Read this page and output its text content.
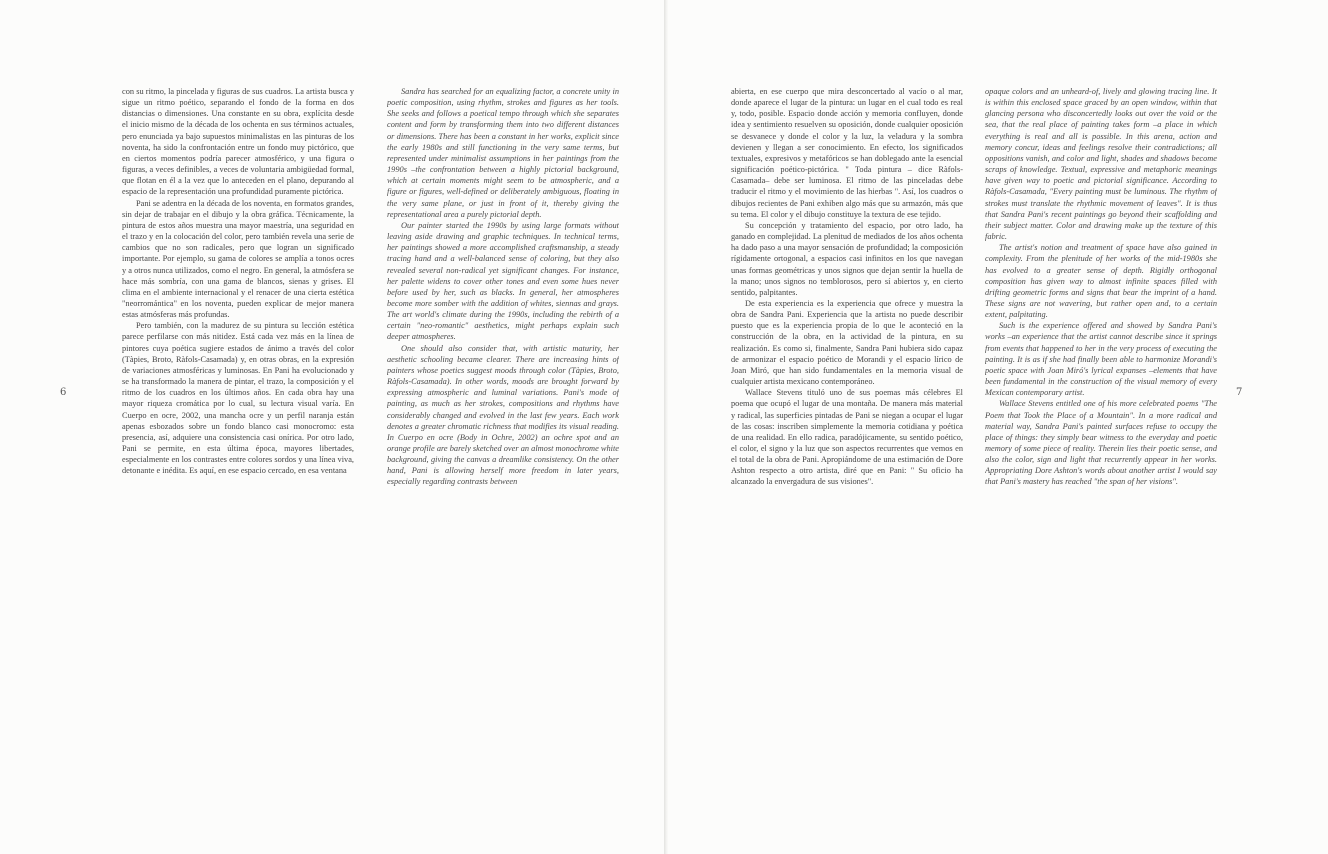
6	7

con su ritmo, la pincelada y figuras de sus cuadros. La artista busca y sigue un ritmo poético, separando el fondo de la forma en dos distancias o dimensiones. Una constante en su obra, explícita desde el inicio mismo de la década de los ochenta en sus términos actuales, pero enunciada ya bajo supuestos minimalistas en las pinturas de los noventa, ha sido la confrontación entre un fondo muy pictórico, que en ciertos momentos podría parecer atmosférico, y una figura o figuras, a veces definibles, a veces de voluntaria ambigüedad formal, que flotan en él a la vez que lo anteceden en el plano, depurando al espacio de la representación una profundidad puramente pictórica.

Pani se adentra en la década de los noventa, en formatos grandes, sin dejar de trabajar en el dibujo y la obra gráfica. Técnicamente, la pintura de estos años muestra una mayor maestría, una seguridad en el trazo y en la colocación del color, pero también revela una serie de cambios que no son radicales, pero que logran un significado importante. Por ejemplo, su gama de colores se amplía a tonos ocres y a otros nunca utilizados, como el negro. En general, la atmósfera se hace más sombría, con una gama de blancos, sienas y grises. El clima en el ambiente internacional y el renacer de una cierta estética "neorromántica" en los noventa, pueden explicar de mejor manera estas atmósferas más profundas.

Pero también, con la madurez de su pintura su lección estética parece perfilarse con más nitidez. Está cada vez más en la línea de pintores cuya poética sugiere estados de ánimo a través del color (Tàpies, Broto, Ràfols-Casamada) y, en otras obras, en la expresión de variaciones atmosféricas y luminosas. En Pani ha evolucionado y se ha transformado la manera de pintar, el trazo, la composición y el ritmo de los cuadros en los últimos años. En cada obra hay una mayor riqueza cromática por lo cual, su lectura visual varía. En Cuerpo en ocre, 2002, una mancha ocre y un perfil naranja están apenas esbozados sobre un fondo blanco casi monocromo: esta presencia, así, adquiere una consistencia casi onírica. Por otro lado, Pani se permite, en esta última época, mayores libertades, especialmente en los contrastes entre colores sordos y una línea viva, detonante e inédita. Es aquí, en ese espacio cercado, en esa ventana

Sandra has searched for an equalizing factor, a concrete unity in poetic composition, using rhythm, strokes and figures as her tools. She seeks and follows a poetical tempo through which she separates content and form by transforming them into two different distances or dimensions. There has been a constant in her works, explicit since the early 1980s and still functioning in the very same terms, but represented under minimalist assumptions in her paintings from the 1990s –the confrontation between a highly pictorial background, which at certain moments might seem to be atmospheric, and a figure or figures, well-defined or deliberately ambiguous, floating in the very same plane, or just in front of it, thereby giving the representational area a purely pictorial depth.

Our painter started the 1990s by using large formats without leaving aside drawing and graphic techniques. In technical terms, her paintings showed a more accomplished craftsmanship, a steady tracing hand and a well-balanced sense of coloring, but they also revealed several non-radical yet significant changes. For instance, her palette widens to cover other tones and even some hues never before used by her, such as blacks. In general, her atmospheres become more somber with the addition of whites, siennas and grays. The art world's climate during the 1990s, including the rebirth of a certain "neo-romantic" aesthetics, might perhaps explain such deeper atmospheres.

One should also consider that, with artistic maturity, her aesthetic schooling became clearer. There are increasing hints of painters whose poetics suggest moods through color (Tàpies, Broto, Ràfols-Casamada). In other words, moods are brought forward by expressing atmospheric and luminal variations. Pani's mode of painting, as much as her strokes, compositions and rhythms have considerably changed and evolved in the last few years. Each work denotes a greater chromatic richness that modifies its visual reading. In Cuerpo en ocre (Body in Ochre, 2002) an ochre spot and an orange profile are barely sketched over an almost monochrome white background, giving the canvas a dreamlike consistency. On the other hand, Pani is allowing herself more freedom in later years, especially regarding contrasts between

abierta, en ese cuerpo que mira desconcertado al vacío o al mar, donde aparece el lugar de la pintura: un lugar en el cual todo es real y, todo, posible. Espacio donde acción y memoria confluyen, donde idea y sentimiento resuelven su oposición, donde cualquier oposición se desvanece y donde el color y la luz, la veladura y la sombra devienen y llegan a ser conocimiento. En efecto, los significados textuales, expresivos y metafóricos se han doblegado ante la esencial significación poético-pictórica. " Toda pintura – dice Ràfols-Casamada– debe ser luminosa. El ritmo de las pinceladas debe traducir el ritmo y el movimiento de las hierbas ". Así, los cuadros o dibujos recientes de Pani exhiben algo más que su armazón, más que su tema. El color y el dibujo constituye la textura de ese tejido.

Su concepción y tratamiento del espacio, por otro lado, ha ganado en complejidad. La plenitud de mediados de los años ochenta ha dado paso a una mayor sensación de profundidad; la composición rígidamente ortogonal, a espacios casi infinitos en los que navegan unas formas geométricas y unos signos que dejan sentir la huella de la mano; unos signos no temblorosos, pero sí abiertos y, en cierto sentido, palpitantes.

De esta experiencia es la experiencia que ofrece y muestra la obra de Sandra Pani. Experiencia que la artista no puede describir puesto que es la experiencia propia de lo que le aconteció en la construcción de la obra, en la actividad de la pintura, en su realización. Es como si, finalmente, Sandra Pani hubiera sido capaz de armonizar el espacio poético de Morandi y el espacio lírico de Joan Miró, que han sido fundamentales en la memoria visual de cualquier artista mexicano contemporáneo.

Wallace Stevens tituló uno de sus poemas más célebres El poema que ocupó el lugar de una montaña. De manera más material y radical, las superficies pintadas de Pani se niegan a ocupar el lugar de las cosas: inscriben simplemente la memoria cotidiana y poética de una realidad. En ello radica, paradójicamente, su sentido poético, el color, el signo y la luz que son aspectos recurrentes que vemos en el total de la obra de Pani. Apropiándome de una estimación de Dore Ashton respecto a otro artista, diré que en Pani: " Su oficio ha alcanzado la envergadura de sus visiones".

opaque colors and an unheard-of, lively and glowing tracing line. It is within this enclosed space graced by an open window, within that glancing persona who disconcertedly looks out over the void or the sea, that the real place of painting takes form –a place in which everything is real and all is possible. In this arena, action and memory concur, ideas and feelings resolve their contradictions; all oppositions vanish, and color and light, shades and shadows become scraps of knowledge. Textual, expressive and metaphoric meanings have given way to poetic and pictorial significance. According to Ràfols-Casamada, "Every painting must be luminous. The rhythm of strokes must translate the rhythmic movement of leaves". It is thus that Sandra Pani's recent paintings go beyond their scaffolding and their subject matter. Color and drawing make up the texture of this fabric.

The artist's notion and treatment of space have also gained in complexity. From the plenitude of her works of the mid-1980s she has evolved to a greater sense of depth. Rigidly orthogonal composition has given way to almost infinite spaces filled with drifting geometric forms and signs that bear the imprint of a hand. These signs are not wavering, but rather open and, to a certain extent, palpitating.

Such is the experience offered and showed by Sandra Pani's works –an experience that the artist cannot describe since it springs from events that happened to her in the very process of executing the painting. It is as if she had finally been able to harmonize Morandi's poetic space with Joan Miró's lyrical expanses –elements that have been fundamental in the construction of the visual memory of every Mexican contemporary artist.

Wallace Stevens entitled one of his more celebrated poems "The Poem that Took the Place of a Mountain". In a more radical and material way, Sandra Pani's painted surfaces refuse to occupy the place of things: they simply bear witness to the everyday and poetic memory of some piece of reality. Therein lies their poetic sense, and also the color, sign and light that recurrently appear in her works. Appropriating Dore Ashton's words about another artist I would say that Pani's mastery has reached "the span of her visions".
